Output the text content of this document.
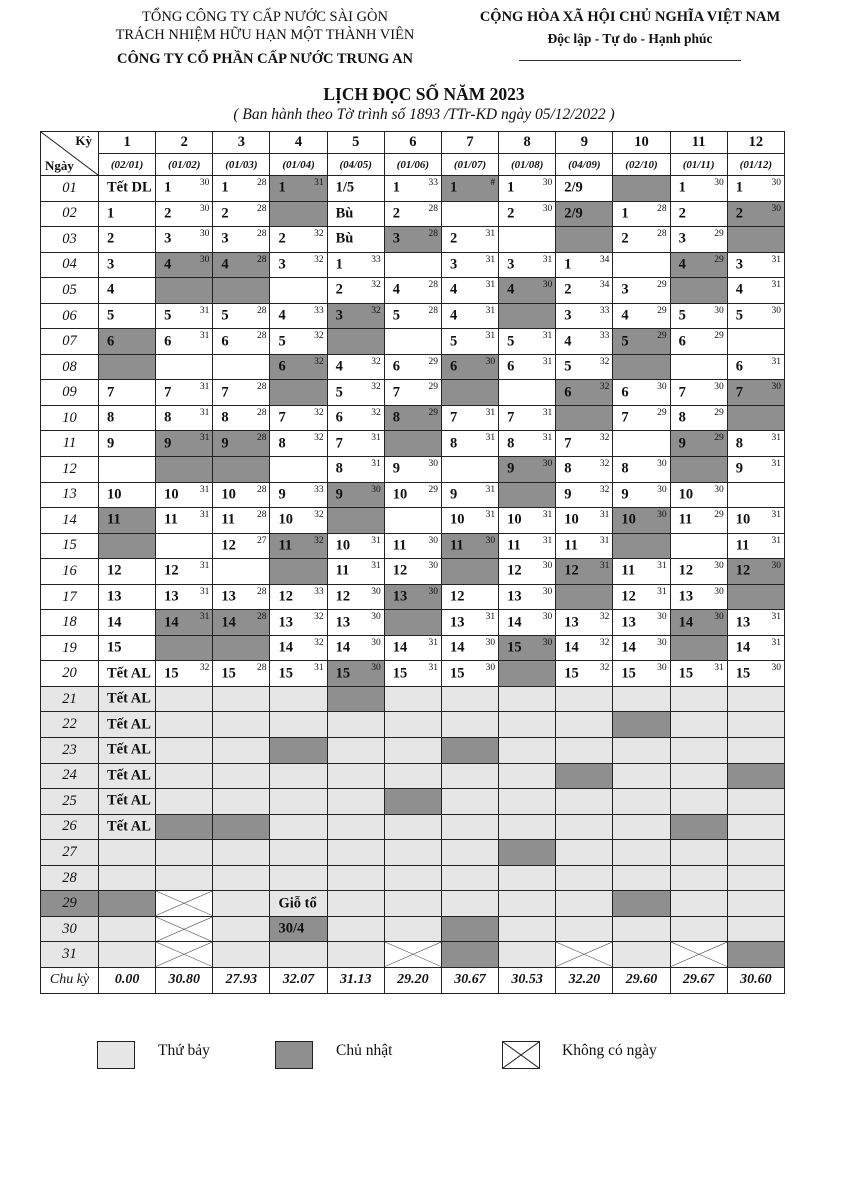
TỔNG CÔNG TY CẤP NƯỚC SÀI GÒN
TRÁCH NHIỆM HỮU HẠN MỘT THÀNH VIÊN
CÔNG TY CỔ PHẦN CẤP NƯỚC TRUNG AN
CỘNG HÒA XÃ HỘI CHỦ NGHĨA VIỆT NAM
Độc lập - Tự do - Hạnh phúc
LỊCH ĐỌC SỐ NĂM 2023
( Ban hành theo Tờ trình số 1893 /TTr-KD ngày 05/12/2022 )
Kỳ
Ngày	1	2	3	4	5	6	7	8	9	10	11	12
	(02/01)	(01/02)	(01/03)	(01/04)	(04/05)	(01/06)	(01/07)	(01/08)	(04/09)	(02/10)	(01/11)	(01/12)
01	Tết DL	1 30	1 28	1 31	1/5	1 33	1 #	1 30	2/9		1 30	1 30

02	1	2 30	2 28		Bù	2 28		2 30	2/9	1 28	2	2 30

03	2	3 30	3 28	2 32	Bù	3 28	2 31			2 28	3 29	

04	3	4 30	4 28	3 32	1 33		3 31	3 31	1 34		4 29	3 31

05	4				2 32	4 28	4 31	4 30	2 34	3 29		4 31

06	5	5 31	5 28	4 33	3 32	5 28	4 31		3 33	4 29	5 30	5 30

07	6	6 31	6 28	5 32			5 31	5 31	4 33	5 29	6 29	

08				6 32	4 32	6 29	6 30	6 31	5 32			6 31

09	7	7 31	7 28		5 32	7 29			6 32	6 30	7 30	7 30

10	8	8 31	8 28	7 32	6 32	8 29	7 31	7 31		7 29	8 29	

11	9	9 31	9 28	8 32	7 31		8 31	8 31	7 32		9 29	8 31

12					8 31	9 30		9 30	8 32	8 30		9 31

13	10	10 31	10 28	9 33	9 30	10 29	9 31		9 32	9 30	10 30	

14	11	11 31	11 28	10 32			10 31	10 31	10 31	10 30	11 29	10 31

15			12 27	11 32	10 31	11 30	11 30	11 31	11 31			11 31

16	12	12 31			11 31	12 30		12 30	12 31	11 31	12 30	12 30

17	13	13 31	13 28	12 33	12 30	13 30	12	13 30		12 31	13 30	

18	14	14 31	14 28	13 32	13 30		13 31	14 30	13 32	13 30	14 30	13 31

19	15			14 32	14 30	14 31	14 30	15 30	14 32	14 30		14 31

20	Tết AL	15 32	15 28	15 31	15 30	15 31	15 30		15 32	15 30	15 31	15 30

21	Tết AL											

22	Tết AL											

23	Tết AL											

24	Tết AL											

25	Tết AL											

26	Tết AL											

27												
28												
29				Giỗ tổ								

30				30/4								

31		

Chu kỳ	0.00	30.80	27.93	32.07	31.13	29.20	30.67	30.53	32.20	29.60	29.67	30.60
Thứ bảy	Chủ nhật	Không có ngày
